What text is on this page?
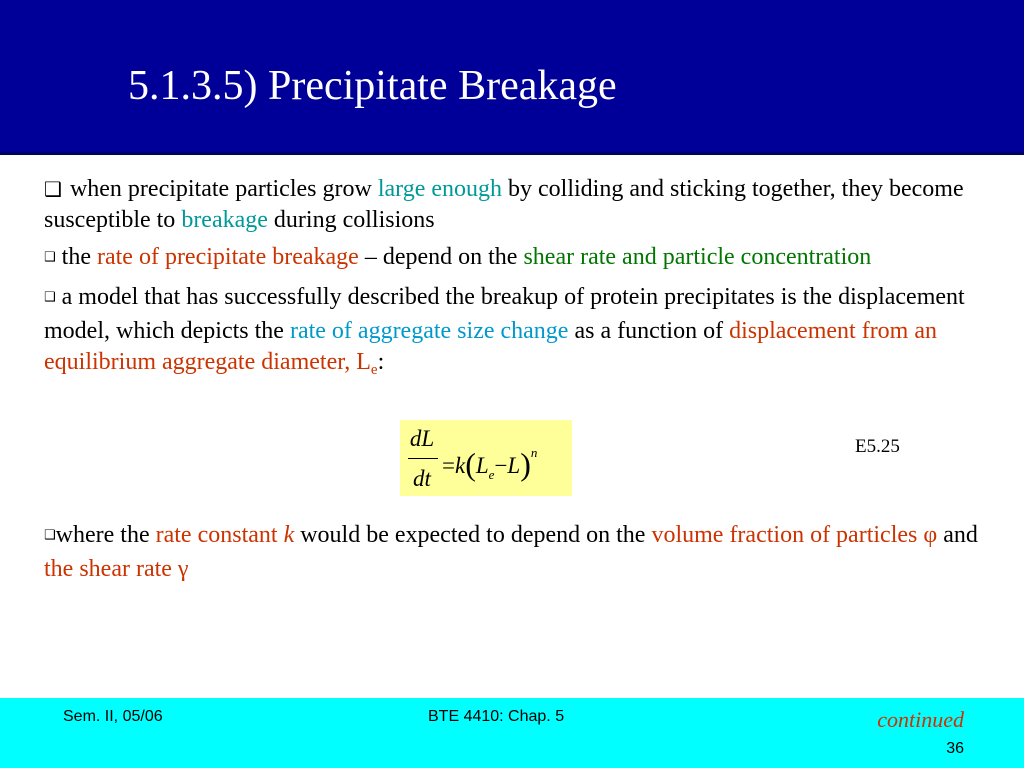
5.1.3.5) Precipitate Breakage

❑ when precipitate particles grow large enough by colliding and sticking together, they become susceptible to breakage during collisions

❑ the rate of precipitate breakage – depend on the shear rate and particle concentration

❑ a model that has successfully described the breakup of protein precipitates is the displacement model, which depicts the rate of aggregate size change as a function of displacement from an equilibrium aggregate diameter, $L_e$:

dL
dt
$=k(L_e-L)^n$	E5.25
❑where the rate constant k would be expected to depend on the volume fraction of particles φ and the shear rate γ
Sem. II, 05/06	BTE 4410: Chap. 5	continued
36
